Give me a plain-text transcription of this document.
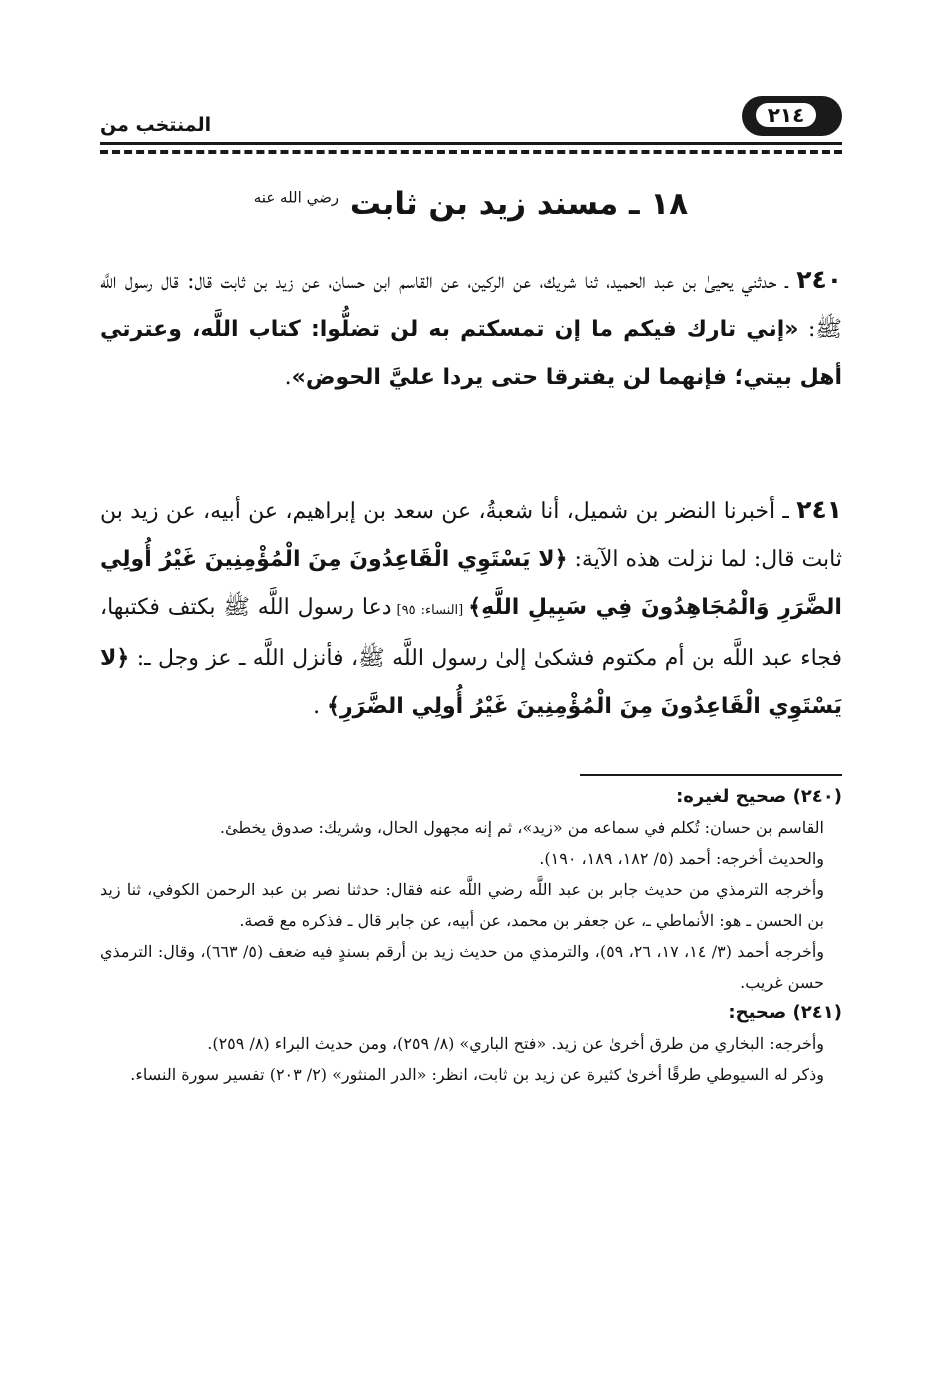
٢١٤
المنتخب من
١٨ ـ مسند زيد بن ثابت $^{رضي الله عنه}$
٢٤٠ ـ حدثني يحيىٰ بن عبد الحميد، ثنا شريك، عن الركين، عن القاسم ابن حسان، عن زيد بن ثابت قال: قال رسول اللَّه ﷺ: «إني تارك فيكم ما إن تمسكتم به لن تضلُّوا: كتاب اللَّه، وعترتي أهل بيتي؛ فإنهما لن يفترقا حتى يردا عليَّ الحوض».
٢٤١ ـ أخبرنا النضر بن شميل، أنا شعبةُ، عن سعد بن إبراهيم، عن أبيه، عن زيد بن ثابت قال: لما نزلت هذه الآية: ﴿لا يَسْتَوِي الْقَاعِدُونَ مِنَ الْمُؤْمِنِينَ غَيْرُ أُولِي الضَّرَرِ وَالْمُجَاهِدُونَ فِي سَبِيلِ اللَّهِ﴾ [النساء: ٩٥] دعا رسول اللَّه ﷺ بكتف فكتبها، فجاء عبد اللَّه بن أم مكتوم فشكىٰ إلىٰ رسول اللَّه ﷺ، فأنزل اللَّه ـ عز وجل ـ: ﴿لا يَسْتَوِي الْقَاعِدُونَ مِنَ الْمُؤْمِنِينَ غَيْرُ أُولِي الضَّرَرِ﴾ .
(٢٤٠) صحيح لغيره:

القاسم بن حسان: تُكلم في سماعه من «زيد»، ثم إنه مجهول الحال، وشريك: صدوق يخطئ.

والحديث أخرجه: أحمد (٥/ ١٨٢، ١٨٩، ١٩٠).

وأخرجه الترمذي من حديث جابر بن عبد اللَّه رضي اللَّه عنه فقال: حدثنا نصر بن عبد الرحمن الكوفي، ثنا زيد بن الحسن ـ هو: الأنماطي ـ، عن جعفر بن محمد، عن أبيه، عن جابر قال ـ فذكره مع قصة.

وأخرجه أحمد (٣/ ١٤، ١٧، ٢٦، ٥٩)، والترمذي من حديث زيد بن أرقم بسندٍ فيه ضعف (٥/ ٦٦٣)، وقال: الترمذي حسن غريب.

(٢٤١) صحيح:

وأخرجه: البخاري من طرق أخرىٰ عن زيد. «فتح الباري» (٨/ ٢٥٩)، ومن حديث البراء (٨/ ٢٥٩).

وذكر له السيوطي طرقًا أخرىٰ كثيرة عن زيد بن ثابت، انظر: «الدر المنثور» (٢/ ٢٠٣) تفسير سورة النساء.
